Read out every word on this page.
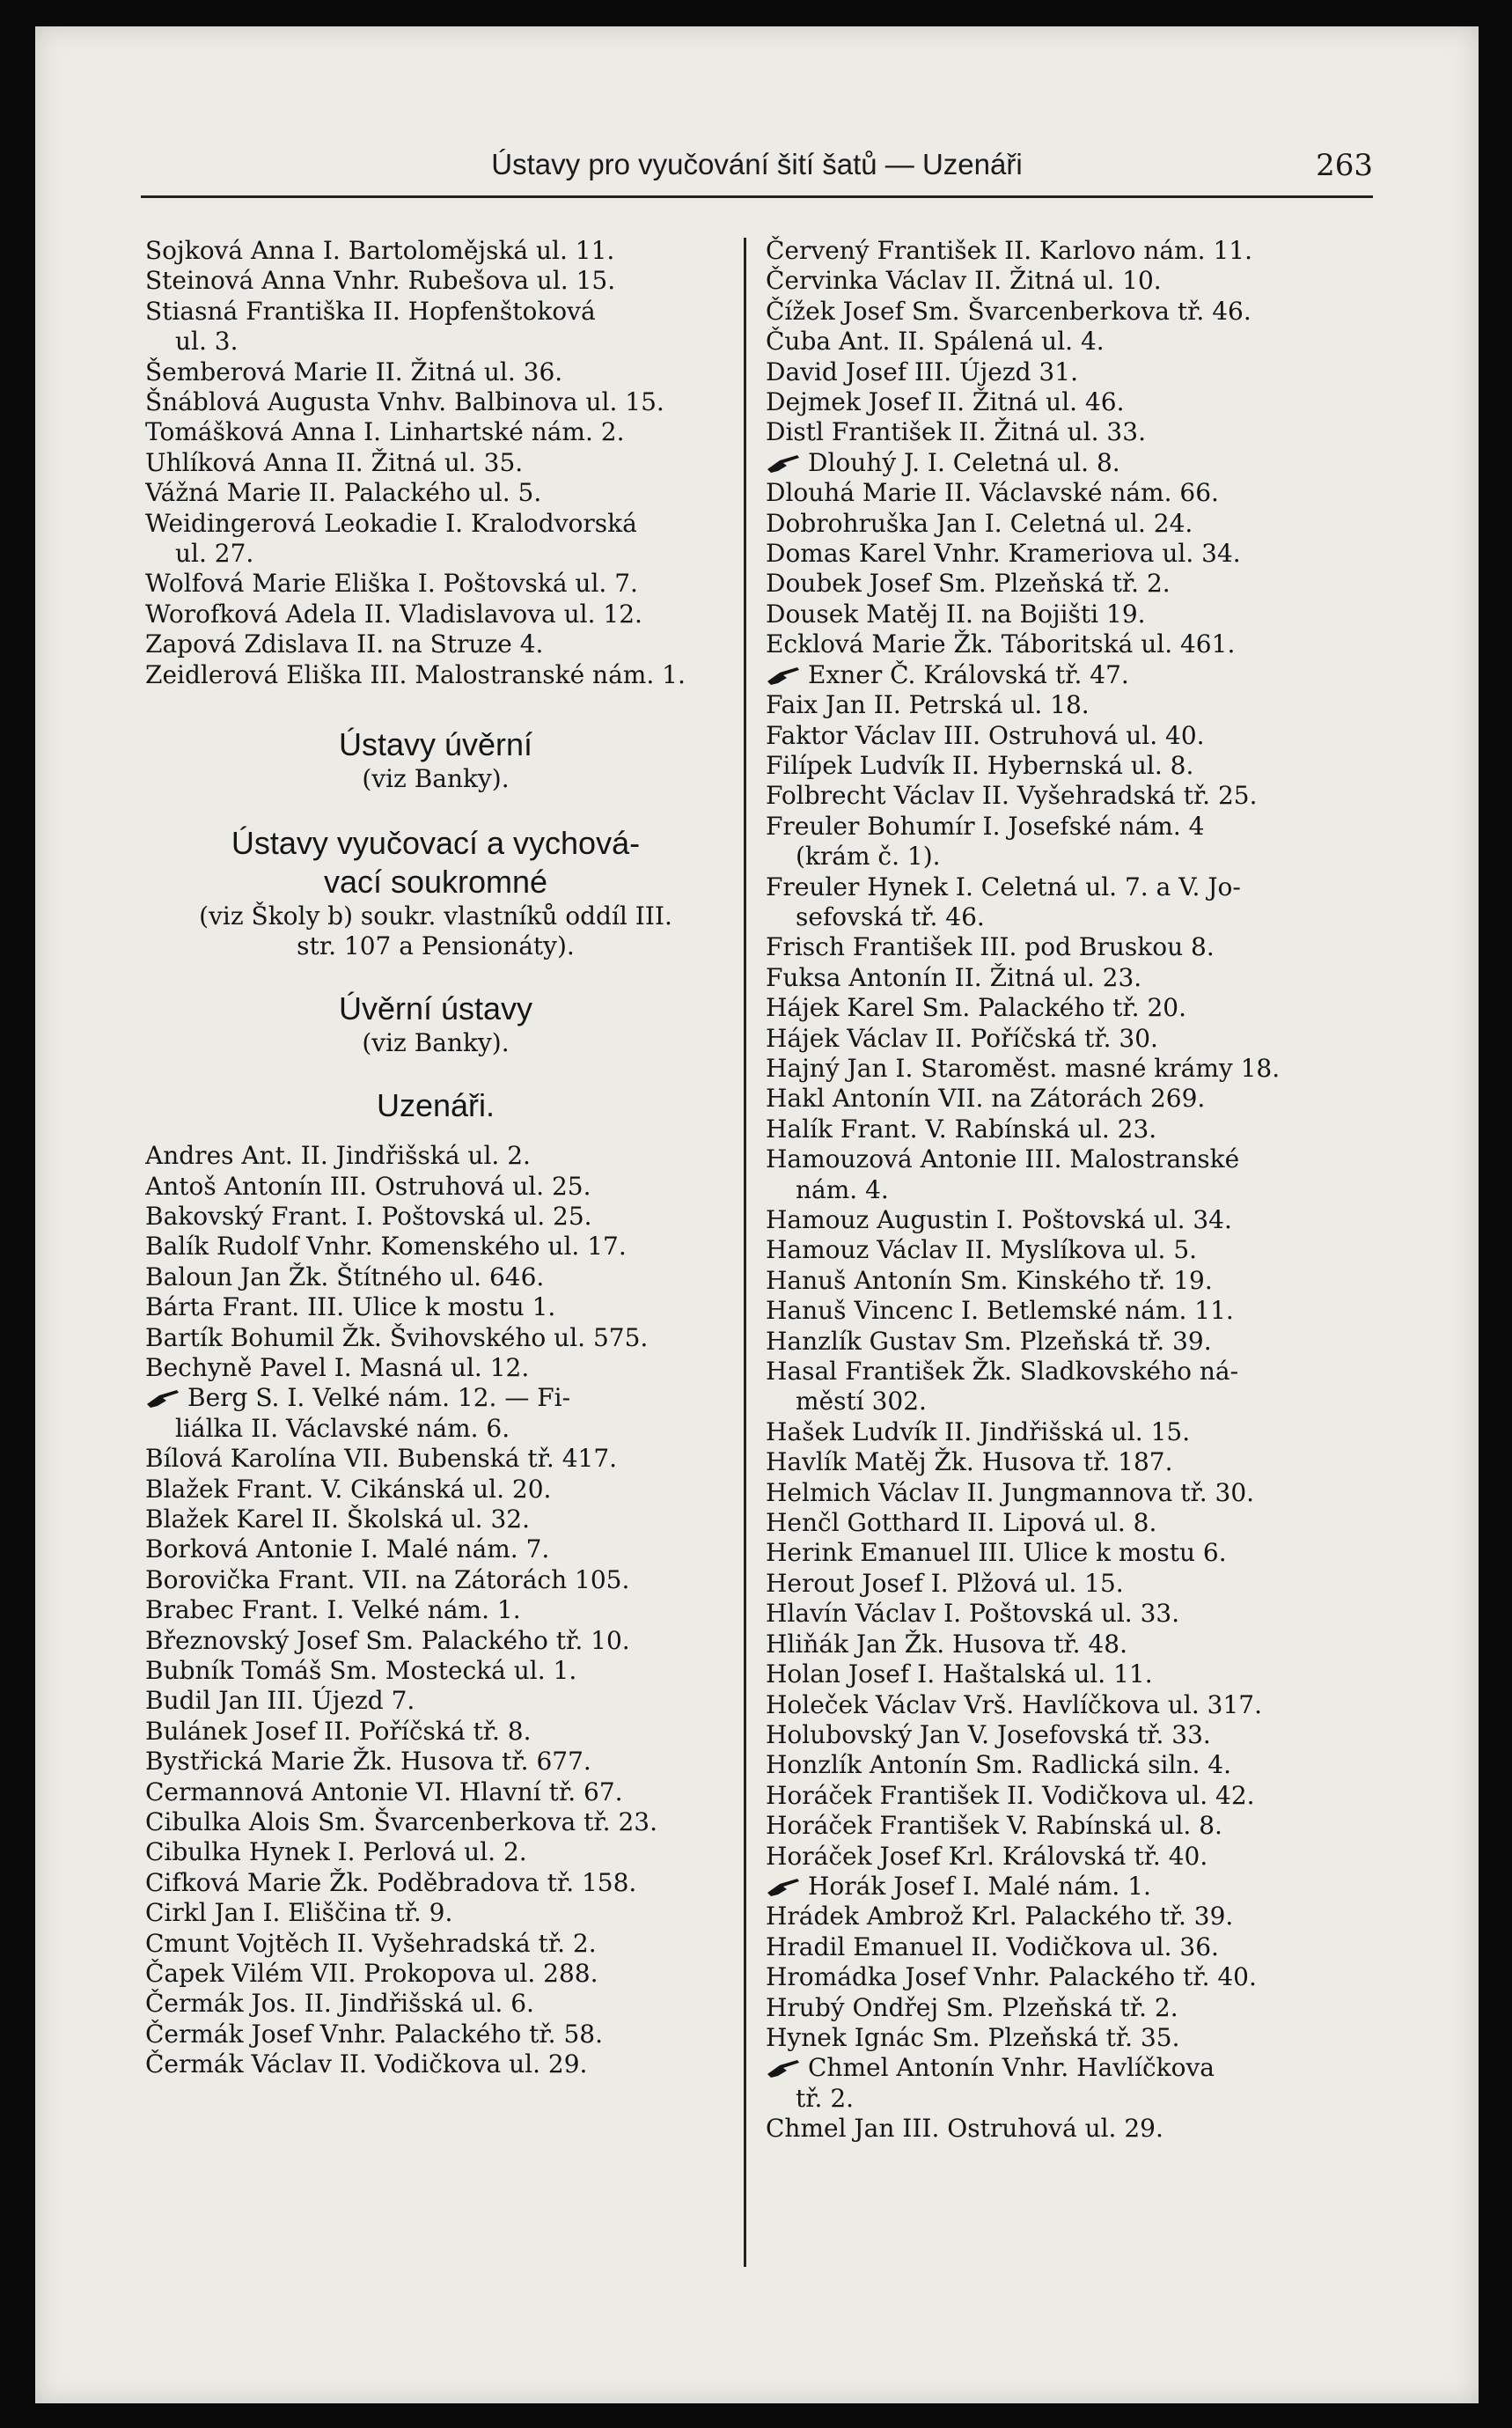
Ústavy pro vyučování šití šatů — Uzenáři	263
Sojková Anna I. Bartolomějská ul. 11.
Steinová Anna Vnhr. Rubešova ul. 15.
Stiasná Františka II. Hopfenštoková
ul. 3.
Šemberová Marie II. Žitná ul. 36.
Šnáblová Augusta Vnhv. Balbinova ul. 15.
Tomášková Anna I. Linhartské nám. 2.
Uhlíková Anna II. Žitná ul. 35.
Vážná Marie II. Palackého ul. 5.
Weidingerová Leokadie I. Kralodvorská
ul. 27.
Wolfová Marie Eliška I. Poštovská ul. 7.
Worofková Adela II. Vladislavova ul. 12.
Zapová Zdislava II. na Struze 4.
Zeidlerová Eliška III. Malostranské nám. 1.
Ústavy úvěrní
(viz Banky).
Ústavy vyučovací a vychová-
vací soukromné
(viz Školy b) soukr. vlastníků oddíl III.
str. 107 a Pensionáty).
Úvěrní ústavy
(viz Banky).
Uzenáři.
Andres Ant. II. Jindřišská ul. 2.
Antoš Antonín III. Ostruhová ul. 25.
Bakovský Frant. I. Poštovská ul. 25.
Balík Rudolf Vnhr. Komenského ul. 17.
Baloun Jan Žk. Štítného ul. 646.
Bárta Frant. III. Ulice k mostu 1.
Bartík Bohumil Žk. Švihovského ul. 575.
Bechyně Pavel I. Masná ul. 12.
Berg S. I. Velké nám. 12. — Fi-
liálka II. Václavské nám. 6.
Bílová Karolína VII. Bubenská tř. 417.
Blažek Frant. V. Cikánská ul. 20.
Blažek Karel II. Školská ul. 32.
Borková Antonie I. Malé nám. 7.
Borovička Frant. VII. na Zátorách 105.
Brabec Frant. I. Velké nám. 1.
Březnovský Josef Sm. Palackého tř. 10.
Bubník Tomáš Sm. Mostecká ul. 1.
Budil Jan III. Újezd 7.
Bulánek Josef II. Poříčská tř. 8.
Bystřická Marie Žk. Husova tř. 677.
Cermannová Antonie VI. Hlavní tř. 67.
Cibulka Alois Sm. Švarcenberkova tř. 23.
Cibulka Hynek I. Perlová ul. 2.
Cifková Marie Žk. Poděbradova tř. 158.
Cirkl Jan I. Eliščina tř. 9.
Cmunt Vojtěch II. Vyšehradská tř. 2.
Čapek Vilém VII. Prokopova ul. 288.
Čermák Jos. II. Jindřišská ul. 6.
Čermák Josef Vnhr. Palackého tř. 58.
Čermák Václav II. Vodičkova ul. 29.
Červený František II. Karlovo nám. 11.
Červinka Václav II. Žitná ul. 10.
Čížek Josef Sm. Švarcenberkova tř. 46.
Čuba Ant. II. Spálená ul. 4.
David Josef III. Újezd 31.
Dejmek Josef II. Žitná ul. 46.
Distl František II. Žitná ul. 33.
Dlouhý J. I. Celetná ul. 8.
Dlouhá Marie II. Václavské nám. 66.
Dobrohruška Jan I. Celetná ul. 24.
Domas Karel Vnhr. Krameriova ul. 34.
Doubek Josef Sm. Plzeňská tř. 2.
Dousek Matěj II. na Bojišti 19.
Ecklová Marie Žk. Táboritská ul. 461.
Exner Č. Královská tř. 47.
Faix Jan II. Petrská ul. 18.
Faktor Václav III. Ostruhová ul. 40.
Filípek Ludvík II. Hybernská ul. 8.
Folbrecht Václav II. Vyšehradská tř. 25.
Freuler Bohumír I. Josefské nám. 4
(krám č. 1).
Freuler Hynek I. Celetná ul. 7. a V. Jo-
sefovská tř. 46.
Frisch František III. pod Bruskou 8.
Fuksa Antonín II. Žitná ul. 23.
Hájek Karel Sm. Palackého tř. 20.
Hájek Václav II. Poříčská tř. 30.
Hajný Jan I. Staroměst. masné krámy 18.
Hakl Antonín VII. na Zátorách 269.
Halík Frant. V. Rabínská ul. 23.
Hamouzová Antonie III. Malostranské
nám. 4.
Hamouz Augustin I. Poštovská ul. 34.
Hamouz Václav II. Myslíkova ul. 5.
Hanuš Antonín Sm. Kinského tř. 19.
Hanuš Vincenc I. Betlemské nám. 11.
Hanzlík Gustav Sm. Plzeňská tř. 39.
Hasal František Žk. Sladkovského ná-
městí 302.
Hašek Ludvík II. Jindřišská ul. 15.
Havlík Matěj Žk. Husova tř. 187.
Helmich Václav II. Jungmannova tř. 30.
Henčl Gotthard II. Lipová ul. 8.
Herink Emanuel III. Ulice k mostu 6.
Herout Josef I. Plžová ul. 15.
Hlavín Václav I. Poštovská ul. 33.
Hliňák Jan Žk. Husova tř. 48.
Holan Josef I. Haštalská ul. 11.
Holeček Václav Vrš. Havlíčkova ul. 317.
Holubovský Jan V. Josefovská tř. 33.
Honzlík Antonín Sm. Radlická siln. 4.
Horáček František II. Vodičkova ul. 42.
Horáček František V. Rabínská ul. 8.
Horáček Josef Krl. Královská tř. 40.
Horák Josef I. Malé nám. 1.
Hrádek Ambrož Krl. Palackého tř. 39.
Hradil Emanuel II. Vodičkova ul. 36.
Hromádka Josef Vnhr. Palackého tř. 40.
Hrubý Ondřej Sm. Plzeňská tř. 2.
Hynek Ignác Sm. Plzeňská tř. 35.
Chmel Antonín Vnhr. Havlíčkova
tř. 2.
Chmel Jan III. Ostruhová ul. 29.
